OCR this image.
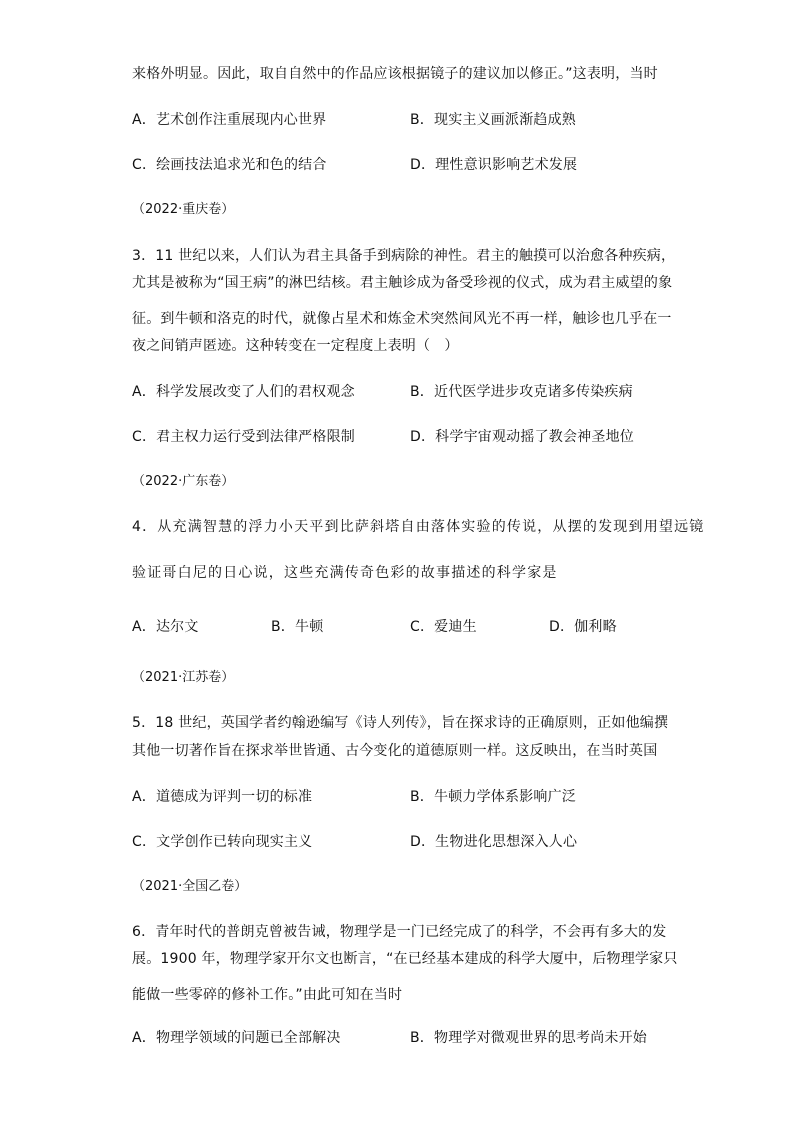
来格外明显。因此，取自自然中的作品应该根据镜子的建议加以修正。”这表明，当时
A．艺术创作注重展现内心世界	B．现实主义画派渐趋成熟
C．绘画技法追求光和色的结合	D．理性意识影响艺术发展
（2022·重庆卷）
3．11 世纪以来，人们认为君主具备手到病除的神性。君主的触摸可以治愈各种疾病，
尤其是被称为“国王病”的淋巴结核。君主触诊成为备受珍视的仪式，成为君主威望的象
征。到牛顿和洛克的时代，就像占星术和炼金术突然间风光不再一样，触诊也几乎在一
夜之间销声匿迹。这种转变在一定程度上表明（　）
A．科学发展改变了人们的君权观念	B．近代医学进步攻克诸多传染疾病
C．君主权力运行受到法律严格限制	D．科学宇宙观动摇了教会神圣地位
（2022·广东卷）
4．从充满智慧的浮力小天平到比萨斜塔自由落体实验的传说，从摆的发现到用望远镜
验证哥白尼的日心说，这些充满传奇色彩的故事描述的科学家是
A．达尔文	B．牛顿	C．爱迪生	D．伽利略
（2021·江苏卷）
5．18 世纪，英国学者约翰逊编写《诗人列传》，旨在探求诗的正确原则，正如他编撰
其他一切著作旨在探求举世皆通、古今变化的道德原则一样。这反映出，在当时英国
A．道德成为评判一切的标准	B．牛顿力学体系影响广泛
C．文学创作已转向现实主义	D．生物进化思想深入人心
（2021·全国乙卷）
6．青年时代的普朗克曾被告诫，物理学是一门已经完成了的科学，不会再有多大的发
展。1900 年，物理学家开尔文也断言，“在已经基本建成的科学大厦中，后物理学家只
能做一些零碎的修补工作。”由此可知在当时
A．物理学领域的问题已全部解决	B．物理学对微观世界的思考尚未开始
